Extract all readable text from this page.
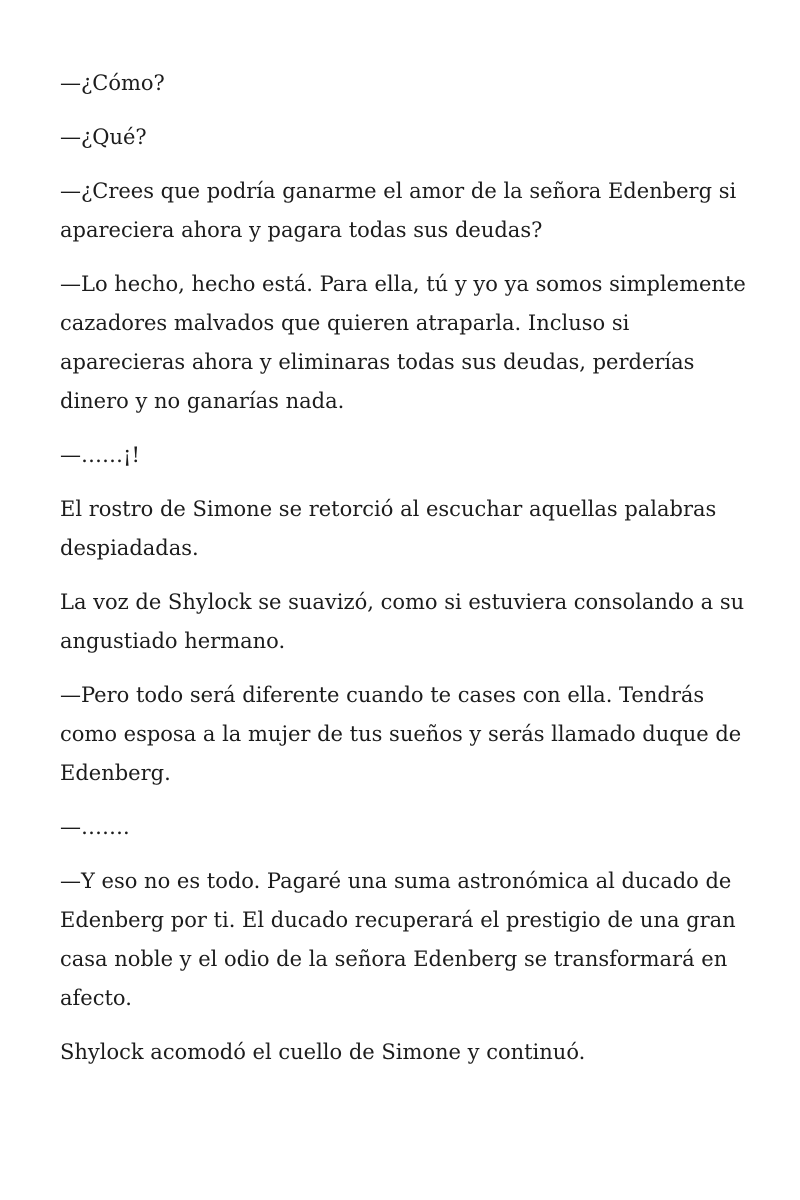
—¿Cómo?

—¿Qué?

—¿Crees que podría ganarme el amor de la señora Edenberg si apareciera ahora y pagara todas sus deudas?

—Lo hecho, hecho está. Para ella, tú y yo ya somos simplemente cazadores malvados que quieren atraparla. Incluso si aparecieras ahora y eliminaras todas sus deudas, perderías dinero y no ganarías nada.

—……¡!

El rostro de Simone se retorció al escuchar aquellas palabras despiadadas.

La voz de Shylock se suavizó, como si estuviera consolando a su angustiado hermano.

—Pero todo será diferente cuando te cases con ella. Tendrás como esposa a la mujer de tus sueños y serás llamado duque de Edenberg.

—…….

—Y eso no es todo. Pagaré una suma astronómica al ducado de Edenberg por ti. El ducado recuperará el prestigio de una gran casa noble y el odio de la señora Edenberg se transformará en afecto.

Shylock acomodó el cuello de Simone y continuó.
